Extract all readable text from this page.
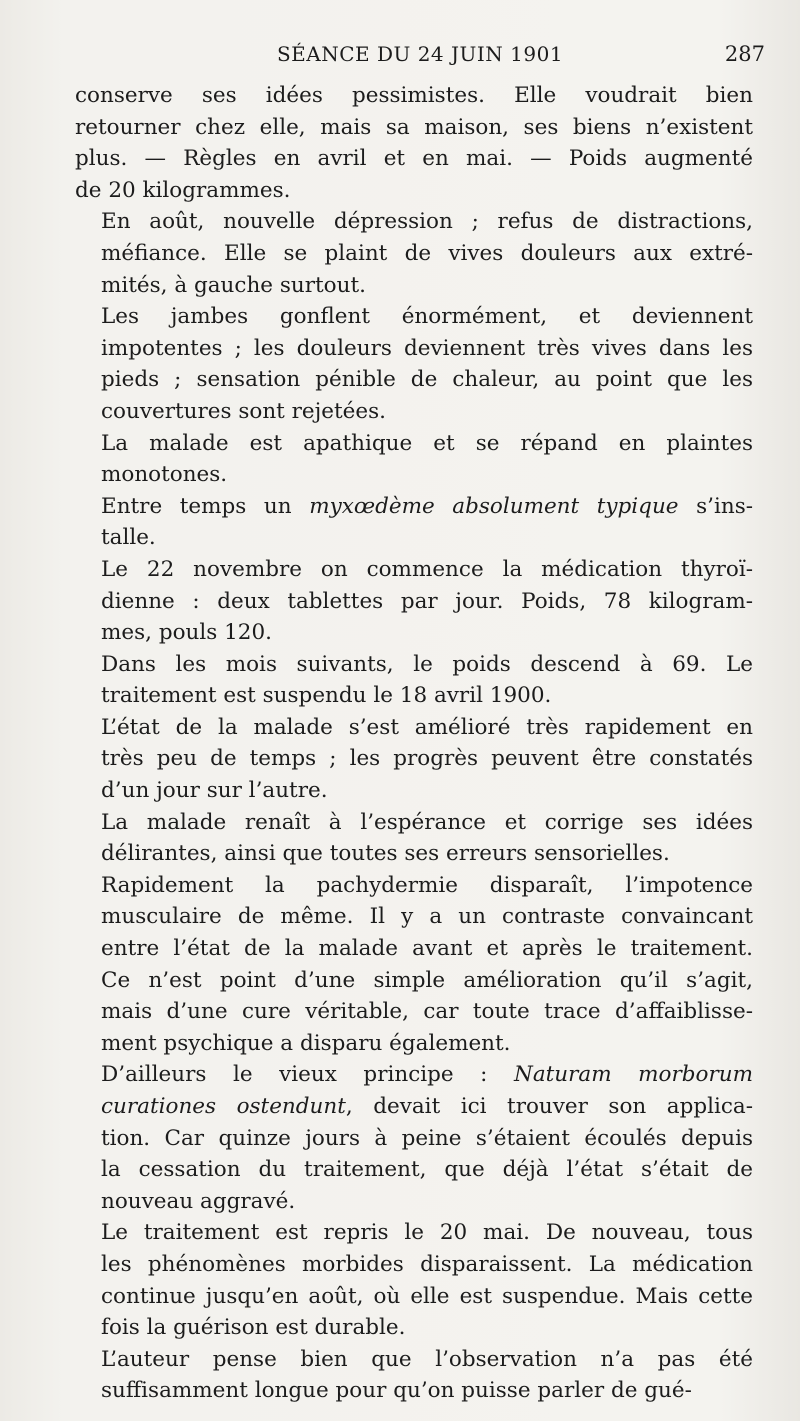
SÉANCE DU 24 JUIN 1901	287
conserve ses idées pessimistes. Elle voudrait bien
retourner chez elle, mais sa maison, ses biens n’existent
plus. — Règles en avril et en mai. — Poids augmenté
de 20 kilogrammes.
En août, nouvelle dépression ; refus de distractions,
méfiance. Elle se plaint de vives douleurs aux extré-
mités, à gauche surtout.
Les jambes gonflent énormément, et deviennent
impotentes ; les douleurs deviennent très vives dans les
pieds ; sensation pénible de chaleur, au point que les
couvertures sont rejetées.
La malade est apathique et se répand en plaintes
monotones.
Entre temps un myxœdème absolument typique s’ins-
talle.
Le 22 novembre on commence la médication thyroï-
dienne : deux tablettes par jour. Poids, 78 kilogram-
mes, pouls 120.
Dans les mois suivants, le poids descend à 69. Le
traitement est suspendu le 18 avril 1900.
L’état de la malade s’est amélioré très rapidement en
très peu de temps ; les progrès peuvent être constatés
d’un jour sur l’autre.
La malade renaît à l’espérance et corrige ses idées
délirantes, ainsi que toutes ses erreurs sensorielles.
Rapidement la pachydermie disparaît, l’impotence
musculaire de même. Il y a un contraste convaincant
entre l’état de la malade avant et après le traitement.
Ce n’est point d’une simple amélioration qu’il s’agit,
mais d’une cure véritable, car toute trace d’affaiblisse-
ment psychique a disparu également.
D’ailleurs le vieux principe : Naturam morborum
curationes ostendunt, devait ici trouver son applica-
tion. Car quinze jours à peine s’étaient écoulés depuis
la cessation du traitement, que déjà l’état s’était de
nouveau aggravé.
Le traitement est repris le 20 mai. De nouveau, tous
les phénomènes morbides disparaissent. La médication
continue jusqu’en août, où elle est suspendue. Mais cette
fois la guérison est durable.
L’auteur pense bien que l’observation n’a pas été
suffisamment longue pour qu’on puisse parler de gué-
